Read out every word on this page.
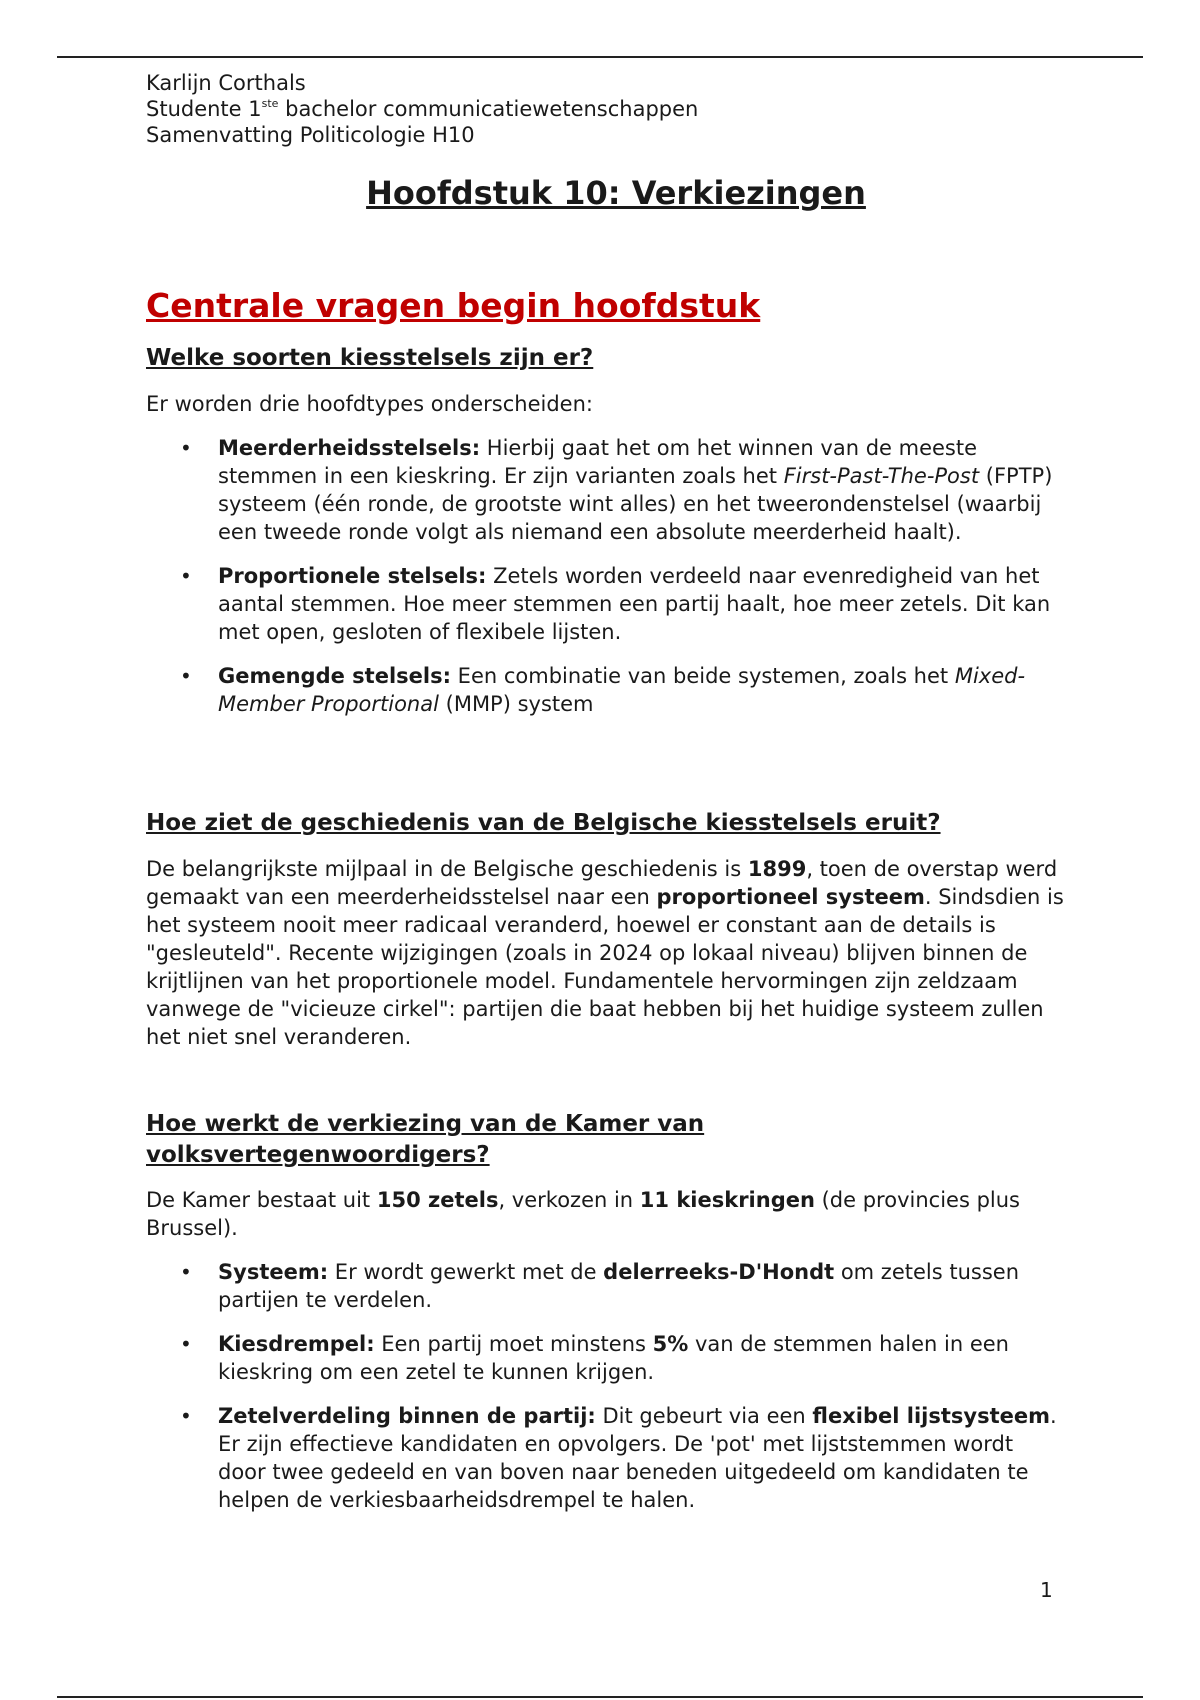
Karlijn Corthals
Studente 1ste bachelor communicatiewetenschappen
Samenvatting Politicologie H10
Hoofdstuk 10: Verkiezingen
Centrale vragen begin hoofdstuk
Welke soorten kiesstelsels zijn er?

Er worden drie hoofdtypes onderscheiden:

• Meerderheidsstelsels: Hierbij gaat het om het winnen van de meeste stemmen in een kieskring. Er zijn varianten zoals het First-Past-The-Post (FPTP) systeem (één ronde, de grootste wint alles) en het tweerondenstelsel (waarbij een tweede ronde volgt als niemand een absolute meerderheid haalt).
• Proportionele stelsels: Zetels worden verdeeld naar evenredigheid van het aantal stemmen. Hoe meer stemmen een partij haalt, hoe meer zetels. Dit kan met open, gesloten of flexibele lijsten.
• Gemengde stelsels: Een combinatie van beide systemen, zoals het Mixed-Member Proportional (MMP) system
Hoe ziet de geschiedenis van de Belgische kiesstelsels eruit?

De belangrijkste mijlpaal in de Belgische geschiedenis is 1899, toen de overstap werd gemaakt van een meerderheidsstelsel naar een proportioneel systeem. Sindsdien is het systeem nooit meer radicaal veranderd, hoewel er constant aan de details is "gesleuteld". Recente wijzigingen (zoals in 2024 op lokaal niveau) blijven binnen de krijtlijnen van het proportionele model. Fundamentele hervormingen zijn zeldzaam vanwege de "vicieuze cirkel": partijen die baat hebben bij het huidige systeem zullen het niet snel veranderen.

Hoe werkt de verkiezing van de Kamer van
volksvertegenwoordigers?

De Kamer bestaat uit 150 zetels, verkozen in 11 kieskringen (de provincies plus Brussel).

• Systeem: Er wordt gewerkt met de delerreeks-D'Hondt om zetels tussen partijen te verdelen.
• Kiesdrempel: Een partij moet minstens 5% van de stemmen halen in een kieskring om een zetel te kunnen krijgen.
• Zetelverdeling binnen de partij: Dit gebeurt via een flexibel lijstsysteem. Er zijn effectieve kandidaten en opvolgers. De 'pot' met lijststemmen wordt door twee gedeeld en van boven naar beneden uitgedeeld om kandidaten te helpen de verkiesbaarheidsdrempel te halen.
1
